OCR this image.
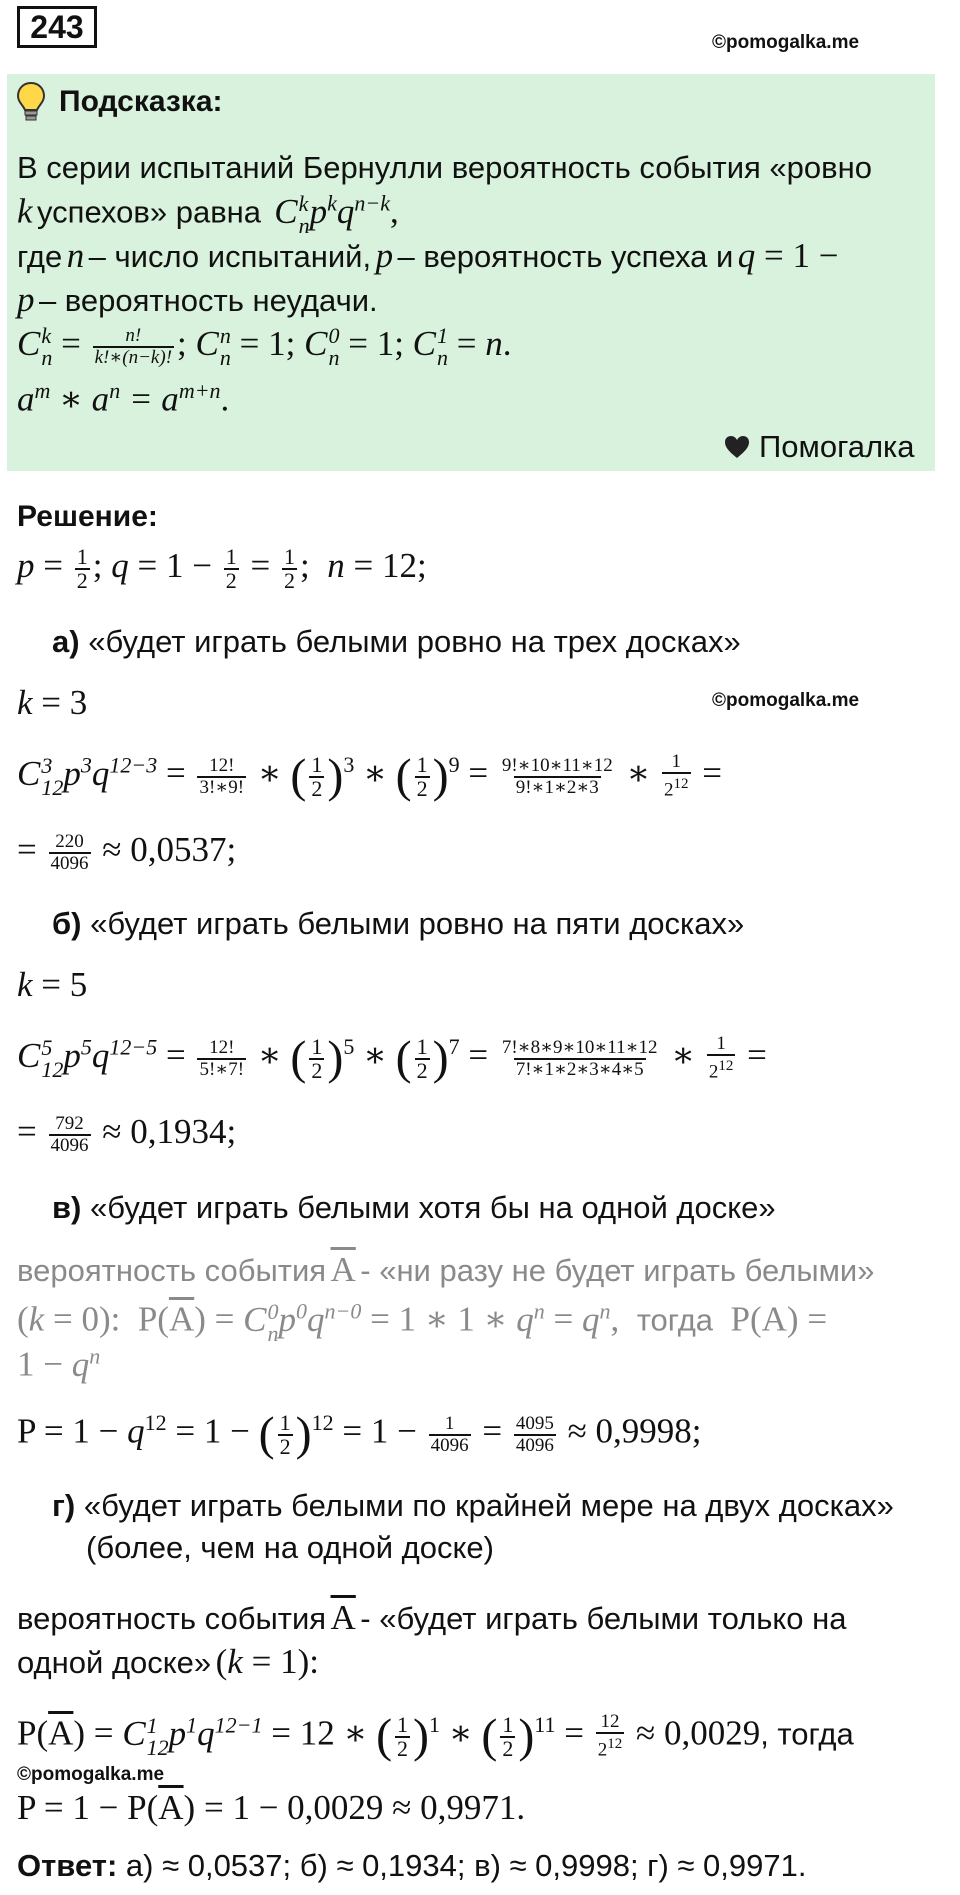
243	©pomogalka.me
Подсказка:
В серии испытаний Бернулли вероятность события «ровно
k успехов» равна  C k
n $p^kq^{n-k}$,
где n – число испытаний, p – вероятность успеха и q = 1 −
p – вероятность неудачи.
C k
$n = \frac{n!}{k!∗(n-k)!}$ ; C n
n = 1; C 0
n = 1; C 1
n = n.
$a^m$ ∗ $a^n = a^{m+n}$.
Помогалка
Решение:
$p = \frac{1}{2}$ ; $q = 1 - \frac{1}{2} = \frac{1}{2}$ ;  n = 12;
а) «будет играть белыми ровно на трех досках»
k = 3	©pomogalka.me
C 3
12 $p^3q^{12-3} = \frac{12!}{3!∗9!}$ ∗ ( $\frac{1}{2} )^3$ ∗ ( $\frac{1}{2} )^9 = \frac{9!∗10∗11∗12}{9!∗1∗2∗3}$ ∗ $\frac{1}{2^{12}}$ =
= $\frac{220}{4096} \approx 0,0537$;
б) «будет играть белыми ровно на пяти досках»
k = 5
C 5
12 $p^5q^{12-5} = \frac{12!}{5!∗7!}$ ∗ ( $\frac{1}{2} )^5$ ∗ ( $\frac{1}{2} )^7 = \frac{7!∗8∗9∗10∗11∗12}{7!∗1∗2∗3∗4∗5}$ ∗ $\frac{1}{2^{12}}$ =
= $\frac{792}{4096} \approx 0,1934$;
в) «будет играть белыми хотя бы на одной доске»
вероятность события $\overline{A}$ - «ни разу не будет играть белыми»
(k = 0):  $P(\overline{A}) = C$ 0
n $p^0q^{n-0} = 1$ ∗ 1 ∗ $q^n = q^n$,  тогда  P(A) =
$1 - q^n$
$P = 1 - q^{12} = 1$ − ( $\frac{1}{2} )^{12} = 1 - \frac{1}{4096} = \frac{4095}{4096} \approx 0,9998$;
г) «будет играть белыми по крайней мере на двух досках»
(более, чем на одной доске)
вероятность события $\overline{A}$ - «будет играть белыми только на
одной доске» (k = 1):
$P(\overline{A}) = C$ 1
12 $p^1q^{12-1} = 12$ ∗ ( $\frac{1}{2} )^1$ ∗ ( $\frac{1}{2} )^{11} = \frac{12}{2^{12}} \approx 0,0029$, тогда
©pomogalka.me
$P = 1 - P(\overline{A}) = 1 - 0,0029 \approx 0,9971$.
Ответ: а) ≈ 0,0537; б) ≈ 0,1934; в) ≈ 0,9998; г) ≈ 0,9971.
